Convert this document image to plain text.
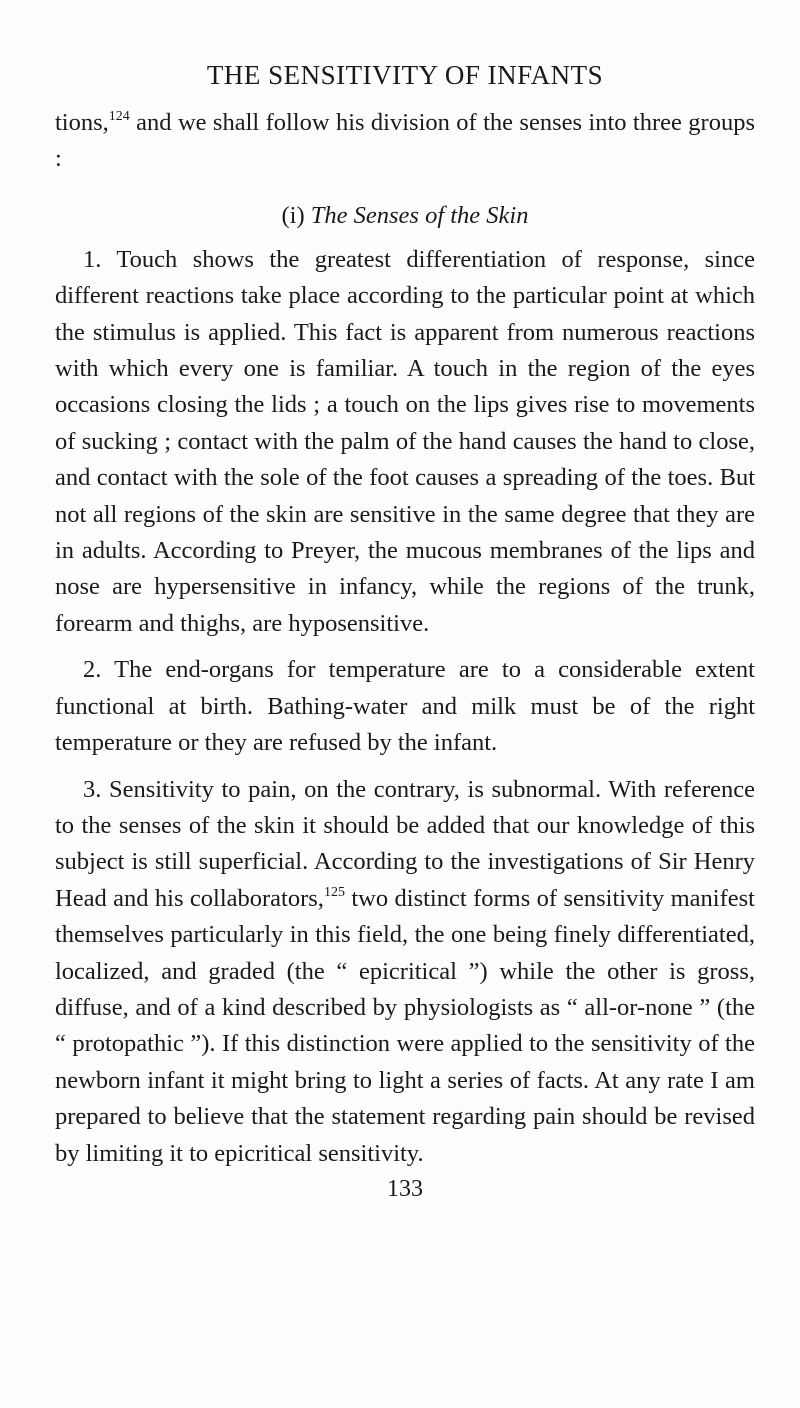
THE SENSITIVITY OF INFANTS

tions,$^{124}$ and we shall follow his division of the senses into three groups :

(i) The Senses of the Skin

1. Touch shows the greatest differentiation of response, since different reactions take place according to the particular point at which the stimulus is applied. This fact is apparent from numerous reactions with which every one is familiar. A touch in the region of the eyes occasions closing the lids ; a touch on the lips gives rise to movements of sucking ; contact with the palm of the hand causes the hand to close, and contact with the sole of the foot causes a spreading of the toes. But not all regions of the skin are sensitive in the same degree that they are in adults. According to Preyer, the mucous membranes of the lips and nose are hypersensitive in infancy, while the regions of the trunk, forearm and thighs, are hyposensitive.

2. The end-organs for temperature are to a considerable extent functional at birth. Bathing-water and milk must be of the right temperature or they are refused by the infant.

3. Sensitivity to pain, on the contrary, is subnormal. With reference to the senses of the skin it should be added that our knowledge of this subject is still superficial. According to the investigations of Sir Henry Head and his collaborators,$^{125}$ two distinct forms of sensitivity manifest themselves particularly in this field, the one being finely differentiated, localized, and graded (the “ epicritical ”) while the other is gross, diffuse, and of a kind described by physiologists as “ all-or-none ” (the “ protopathic ”). If this distinction were applied to the sensitivity of the newborn infant it might bring to light a series of facts. At any rate I am prepared to believe that the statement regarding pain should be revised by limiting it to epicritical sensitivity.

133
